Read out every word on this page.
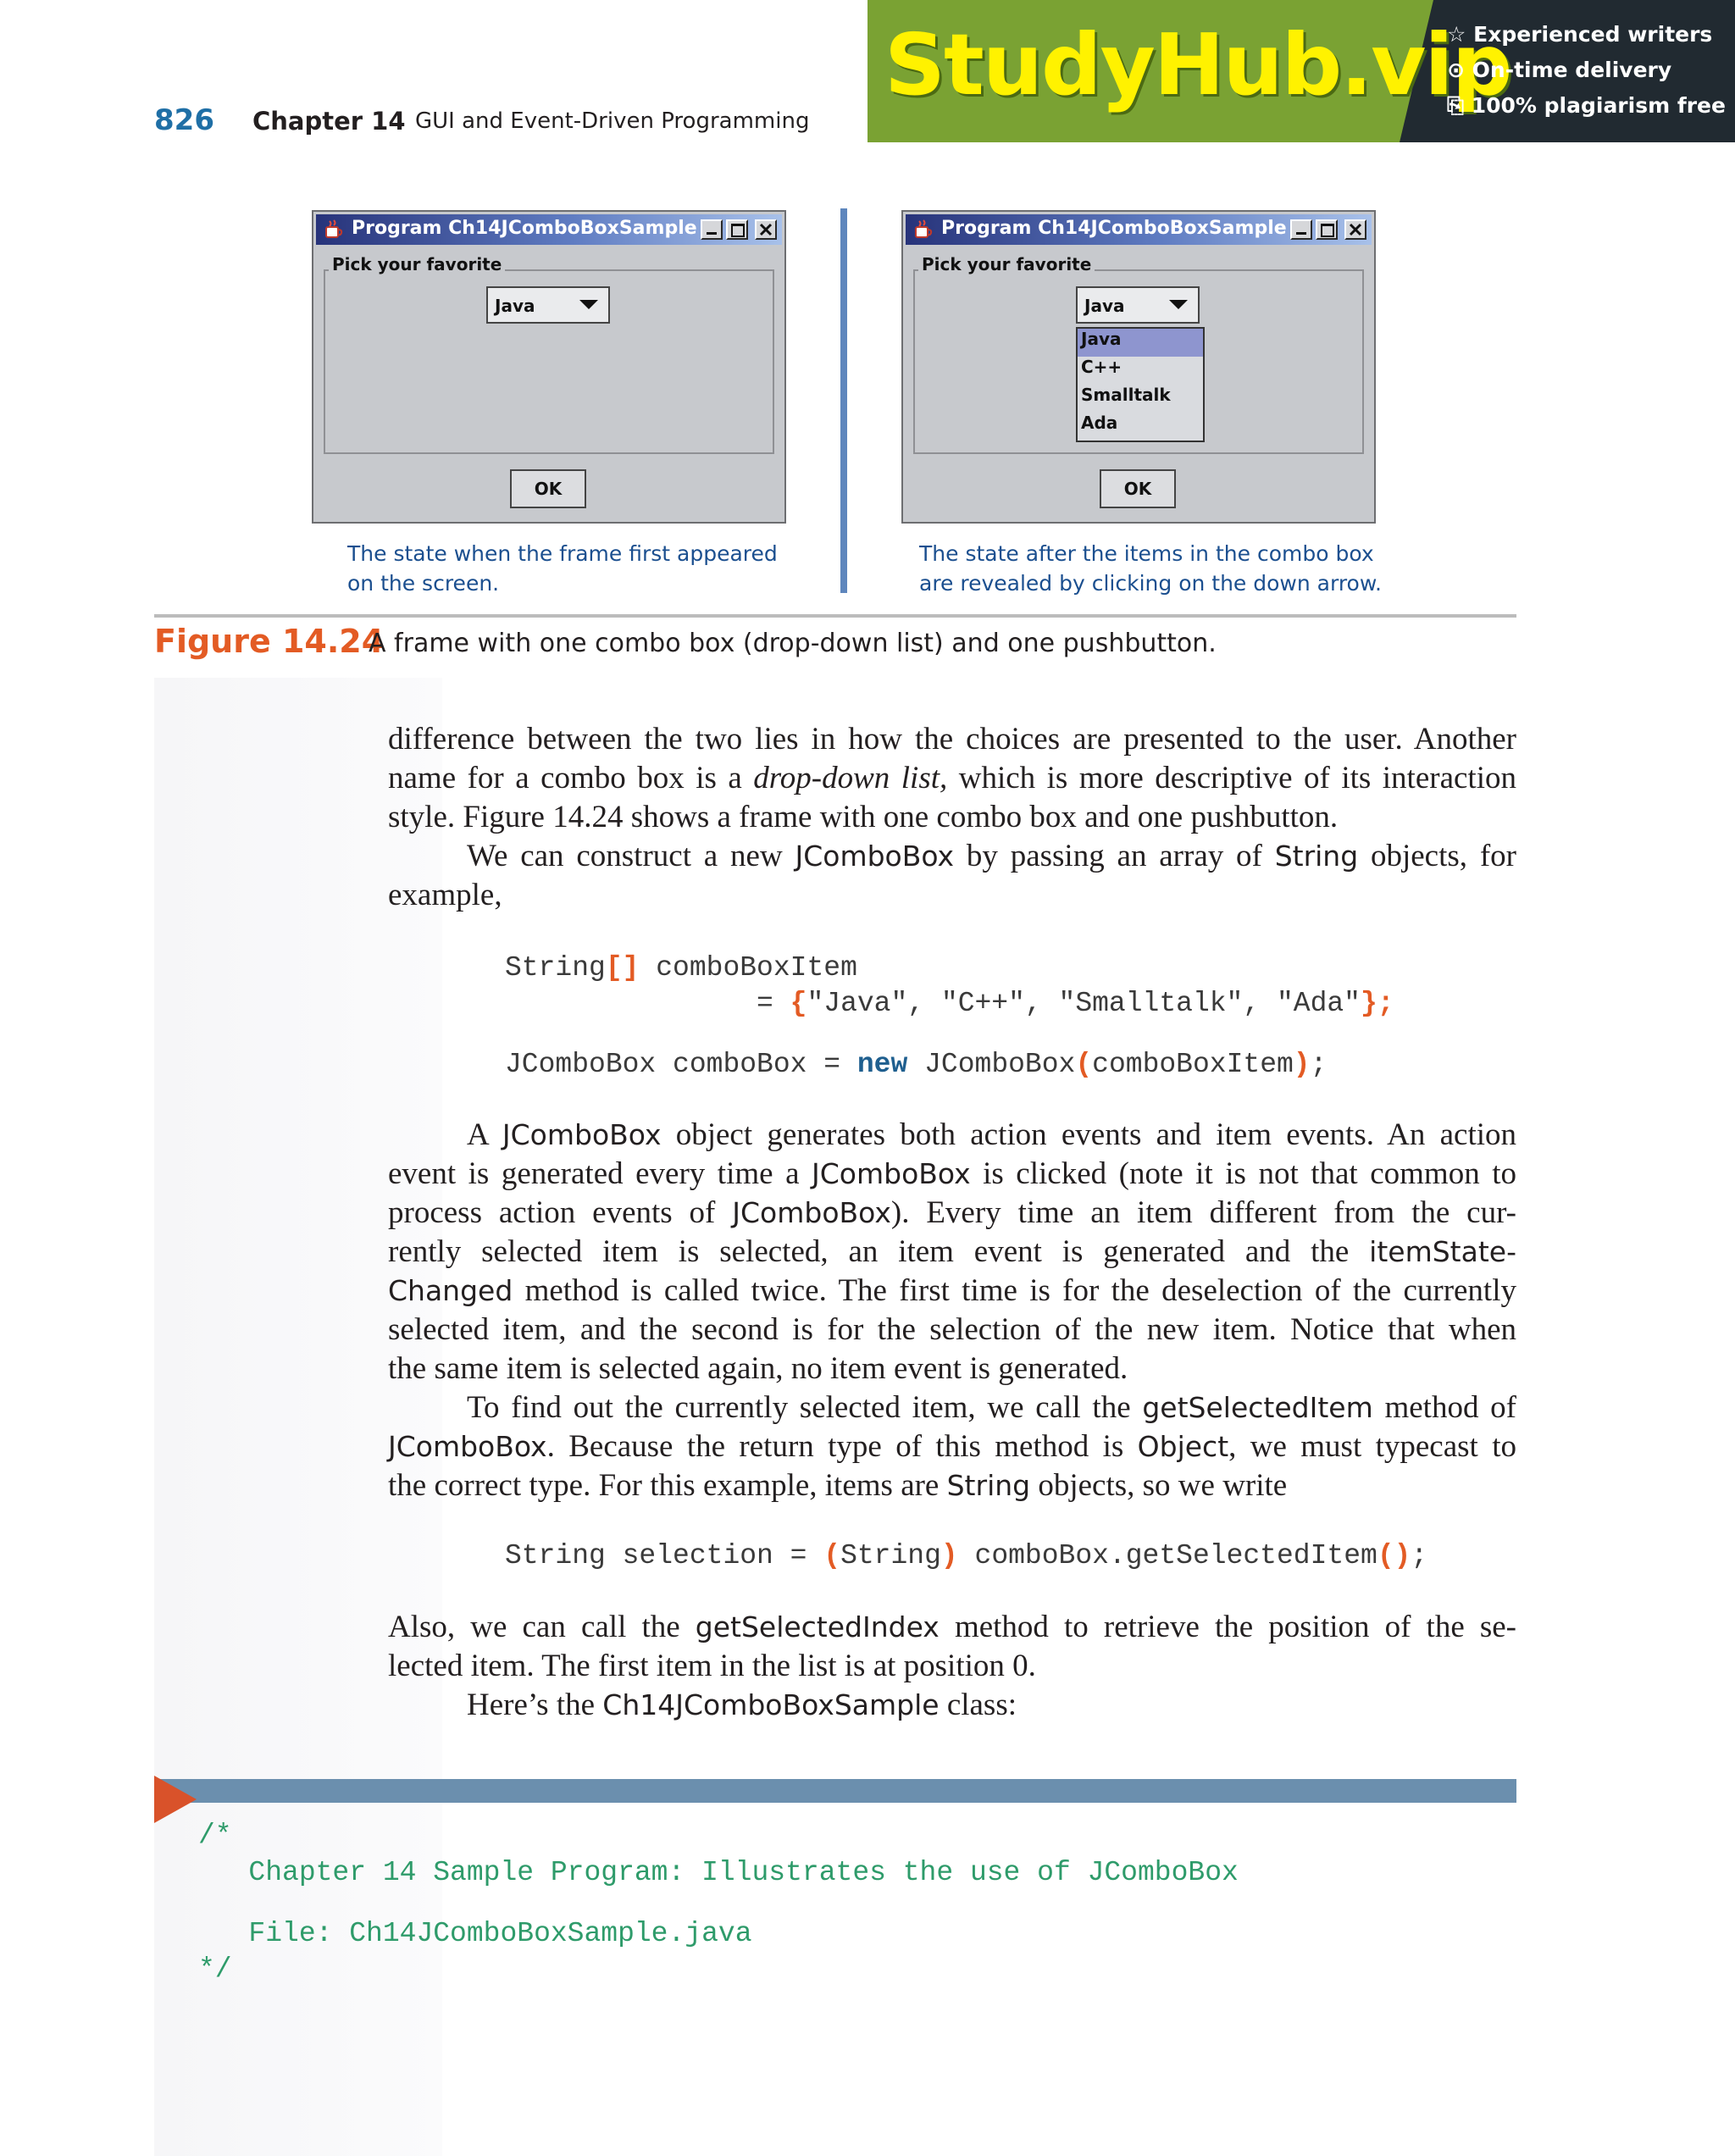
826 Chapter 14 GUI and Event-Driven Programming
StudyHub.vip
☆ Experienced writers
⊙ On-time delivery
⎘ 100% plagiarism free
Program Ch14JComboBoxSample
Pick your favorite
Java
OK
The state when the frame first appeared
on the screen.
Program Ch14JComboBoxSample
Pick your favorite
Java
Java
C++
Smalltalk
Ada
OK
The state after the items in the combo box
are revealed by clicking on the down arrow.
Figure 14.24
A frame with one combo box (drop-down list) and one pushbutton.
difference between the two lies in how the choices are presented to the user. Another
name for a combo box is a drop-down list, which is more descriptive of its interaction
style. Figure 14.24 shows a frame with one combo box and one pushbutton.
We can construct a new JComboBox by passing an array of String objects, for
example,
String[] comboBoxItem
= {"Java", "C++", "Smalltalk", "Ada"};
JComboBox comboBox = new JComboBox(comboBoxItem);
A JComboBox object generates both action events and item events. An action
event is generated every time a JComboBox is clicked (note it is not that common to
process action events of JComboBox). Every time an item different from the cur-
rently selected item is selected, an item event is generated and the itemState-
Changed method is called twice. The first time is for the deselection of the currently
selected item, and the second is for the selection of the new item. Notice that when
the same item is selected again, no item event is generated.
To find out the currently selected item, we call the getSelectedItem method of
JComboBox. Because the return type of this method is Object, we must typecast to
the correct type. For this example, items are String objects, so we write
String selection = (String) comboBox.getSelectedItem();
Also, we can call the getSelectedIndex method to retrieve the position of the se-
lected item. The first item in the list is at position 0.
Here’s the Ch14JComboBoxSample class:
/*
Chapter 14 Sample Program: Illustrates the use of JComboBox
File: Ch14JComboBoxSample.java
*/
